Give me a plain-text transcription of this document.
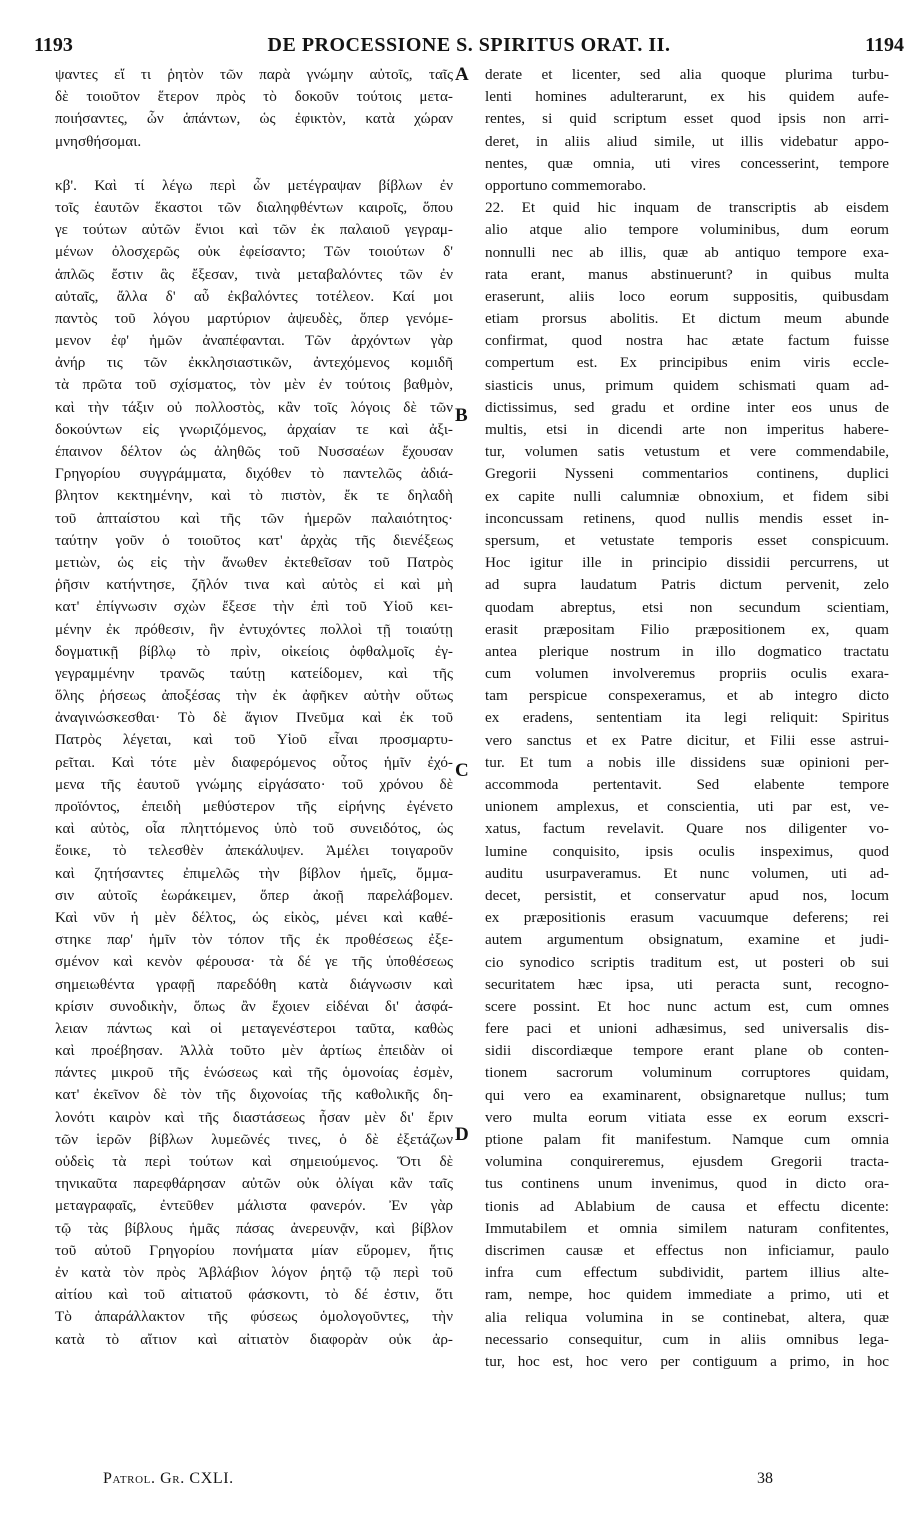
1193	DE PROCESSIONE S. SPIRITUS ORAT. II.	1194
ψαντες εἴ τι ῥητὸν τῶν παρὰ γνώμην αὐτοῖς, ταῖς
δὲ τοιοῦτον ἕτερον πρὸς τὸ δοκοῦν τούτοις μετα-
ποιήσαντες, ὧν ἁπάντων, ὡς ἐφικτὸν, κατὰ χώραν
μνησθήσομαι.
κβ'. Καὶ τί λέγω περὶ ὧν μετέγραψαν βίβλων ἐν
τοῖς ἑαυτῶν ἕκαστοι τῶν διαληφθέντων καιροῖς, ὅπου
γε τούτων αὐτῶν ἔνιοι καὶ τῶν ἐκ παλαιοῦ γεγραμ-
μένων ὀλοσχερῶς οὐκ ἐφείσαντο; Τῶν τοιούτων δ'
ἁπλῶς ἔστιν ἃς ἔξεσαν, τινὰ μεταβαλόντες τῶν ἐν
αὐταῖς, ἄλλα δ' αὖ ἐκβαλόντες τοτέλεον. Καί μοι
παντὸς τοῦ λόγου μαρτύριον ἀψευδὲς, ὅπερ γενόμε-
μενον ἐφ' ἡμῶν ἀναπέφανται. Τῶν ἀρχόντων γὰρ
ἀνήρ τις τῶν ἐκκλησιαστικῶν, ἀντεχόμενος κομιδῆ
τὰ πρῶτα τοῦ σχίσματος, τὸν μὲν ἐν τούτοις βαθμὸν,
καὶ τὴν τάξιν οὐ πολλοστὸς, κἂν τοῖς λόγοις δὲ τῶν
δοκούντων εἰς γνωριζόμενος, ἀρχαίαν τε καὶ ἀξι-
έπαινον δέλτον ὡς ἀληθῶς τοῦ Νυσσαέων ἔχουσαν
Γρηγορίου συγγράμματα, διχόθεν τὸ παντελῶς ἀδιά-
βλητον κεκτημένην, καὶ τὸ πιστὸν, ἔκ τε δηλαδὴ
τοῦ ἀπταίστου καὶ τῆς τῶν ἡμερῶν παλαιότητος·
ταύτην γοῦν ὁ τοιοῦτος κατ' ἀρχὰς τῆς διενέξεως
μετιὼν, ὡς εἰς τὴν ἄνωθεν ἐκτεθεῖσαν τοῦ Πατρὸς
ῥῆσιν κατήντησε, ζῆλόν τινα καὶ αὐτὸς εἰ καὶ μὴ
κατ' ἐπίγνωσιν σχὼν ἔξεσε τὴν ἐπὶ τοῦ Υἱοῦ κει-
μένην ἐκ πρόθεσιν, ἣν ἐντυχόντες πολλοὶ τῇ τοιαύτῃ
δογματικῇ βίβλῳ τὸ πρὶν, οἰκείοις ὀφθαλμοῖς ἐγ-
γεγραμμένην τρανῶς ταύτῃ κατείδομεν, καὶ τῆς
ὅλης ῥήσεως ἀποξέσας τὴν ἐκ ἀφῆκεν αὐτὴν οὕτως
ἀναγινώσκεσθαι· Τὸ δὲ ἅγιον Πνεῦμα καὶ ἐκ τοῦ
Πατρὸς λέγεται, καὶ τοῦ Υἱοῦ εἶναι προσμαρτυ-
ρεῖται. Καὶ τότε μὲν διαφερόμενος οὗτος ἡμῖν ἐχό-
μενα τῆς ἑαυτοῦ γνώμης εἰργάσατο· τοῦ χρόνου δὲ
προϊόντος, ἐπειδὴ μεθύστερον τῆς εἰρήνης ἐγένετο
καὶ αὐτὸς, οἷα πληττόμενος ὑπὸ τοῦ συνειδότος, ὡς
ἔοικε, τὸ τελεσθὲν ἀπεκάλυψεν. Ἀμέλει τοιγαροῦν
καὶ ζητήσαντες ἐπιμελῶς τὴν βίβλον ἡμεῖς, ὄμμα-
σιν αὐτοῖς ἑωράκειμεν, ὅπερ ἀκοῇ παρελάβομεν.
Καὶ νῦν ἡ μὲν δέλτος, ὡς εἰκὸς, μένει καὶ καθέ-
στηκε παρ' ἡμῖν τὸν τόπον τῆς ἐκ προθέσεως ἐξε-
σμένον καὶ κενὸν φέρουσα· τὰ δέ γε τῆς ὑποθέσεως
σημειωθέντα γραφῇ παρεδόθη κατὰ διάγνωσιν καὶ
κρίσιν συνοδικὴν, ὅπως ἂν ἔχοιεν εἰδέναι δι' ἀσφά-
λειαν πάντως καὶ οἱ μεταγενέστεροι ταῦτα, καθὼς
καὶ προέβησαν. Ἀλλὰ τοῦτο μὲν ἀρτίως ἐπειδὰν οἱ
πάντες μικροῦ τῆς ἑνώσεως καὶ τῆς ὁμονοίας ἐσμὲν,
κατ' ἐκεῖνον δὲ τὸν τῆς διχονοίας τῆς καθολικῆς δη-
λονότι καιρὸν καὶ τῆς διαστάσεως ἦσαν μὲν δι' ἔριν
τῶν ἱερῶν βίβλων λυμεῶνές τινες, ὁ δὲ ἐξετάζων
οὐδεὶς τὰ περὶ τούτων καὶ σημειούμενος. Ὅτι δὲ
τηνικαῦτα παρεφθάρησαν αὐτῶν οὐκ ὀλίγαι κἂν ταῖς
μεταγραφαῖς, ἐντεῦθεν μάλιστα φανερόν. Ἐν γὰρ
τῷ τὰς βίβλους ἡμᾶς πάσας ἀνερευνᾷν, καὶ βίβλον
τοῦ αὐτοῦ Γρηγορίου πονήματα μίαν εὕρομεν, ἥτις
ἐν κατὰ τὸν πρὸς Ἀβλάβιον λόγον ῥητῷ τῷ περὶ τοῦ
αἰτίου καὶ τοῦ αἰτιατοῦ φάσκοντι, τὸ δέ ἐστιν, ὅτι
Τὸ ἀπαράλλακτον τῆς φύσεως ὁμολογοῦντες, τὴν
κατὰ τὸ αἴτιον καὶ αἰτιατὸν διαφορὰν οὐκ ἀρ-
derate et licenter, sed alia quoque plurima turbu-
lenti homines adulterarunt, ex his quidem aufe-
rentes, si quid scriptum esset quod ipsis non arri-
deret, in aliis aliud simile, ut illis videbatur appo-
nentes, quæ omnia, uti vires concesserint, tempore
opportuno commemorabo.
22. Et quid hic inquam de transcriptis ab eisdem
alio atque alio tempore voluminibus, dum eorum
nonnulli nec ab illis, quæ ab antiquo tempore exa-
rata erant, manus abstinuerunt? in quibus multa
eraserunt, aliis loco eorum suppositis, quibusdam
etiam prorsus abolitis. Et dictum meum abunde
confirmat, quod nostra hac ætate factum fuisse
compertum est. Ex principibus enim viris eccle-
siasticis unus, primum quidem schismati quam ad-
dictissimus, sed gradu et ordine inter eos unus de
multis, etsi in dicendi arte non imperitus habere-
tur, volumen satis vetustum et vere commendabile,
Gregorii Nysseni commentarios continens, duplici
ex capite nulli calumniæ obnoxium, et fidem sibi
inconcussam retinens, quod nullis mendis esset in-
spersum, et vetustate temporis esset conspicuum.
Hoc igitur ille in principio dissidii percurrens, ut
ad supra laudatum Patris dictum pervenit, zelo
quodam abreptus, etsi non secundum scientiam,
erasit præpositam Filio præpositionem ex, quam
antea plerique nostrum in illo dogmatico tractatu
cum volumen involveremus propriis oculis exara-
tam perspicue conspexeramus, et ab integro dicto
ex eradens, sententiam ita legi reliquit: Spiritus
vero sanctus et ex Patre dicitur, et Filii esse astrui-
tur. Et tum a nobis ille dissidens suæ opinioni per-
accommoda pertentavit. Sed elabente tempore
unionem amplexus, et conscientia, uti par est, ve-
xatus, factum revelavit. Quare nos diligenter vo-
lumine conquisito, ipsis oculis inspeximus, quod
auditu usurpaveramus. Et nunc volumen, uti ad-
decet, persistit, et conservatur apud nos, locum
ex præpositionis erasum vacuumque deferens; rei
autem argumentum obsignatum, examine et judi-
cio synodico scriptis traditum est, ut posteri ob sui
securitatem hæc ipsa, uti peracta sunt, recogno-
scere possint. Et hoc nunc actum est, cum omnes
fere paci et unioni adhæsimus, sed universalis dis-
sidii discordiæque tempore erant plane ob conten-
tionem sacrorum voluminum corruptores quidam,
qui vero ea examinarent, obsignaretque nullus; tum
vero multa eorum vitiata esse ex eorum exscri-
ptione palam fit manifestum. Namque cum omnia
volumina conquireremus, ejusdem Gregorii tracta-
tus continens unum invenimus, quod in dicto ora-
tionis ad Ablabium de causa et effectu dicente:
Immutabilem et omnia similem naturam confitentes,
discrimen causæ et effectus non inficiamur, paulo
infra cum effectum subdividit, partem illius alte-
ram, nempe, hoc quidem immediate a primo, uti et
alia reliqua volumina in se continebat, altera, quæ
necessario consequitur, cum in aliis omnibus lega-
tur, hoc est, hoc vero per contiguum a primo, in hoc
A
B
C
D
Patrol. Gr. CXLI.	38
